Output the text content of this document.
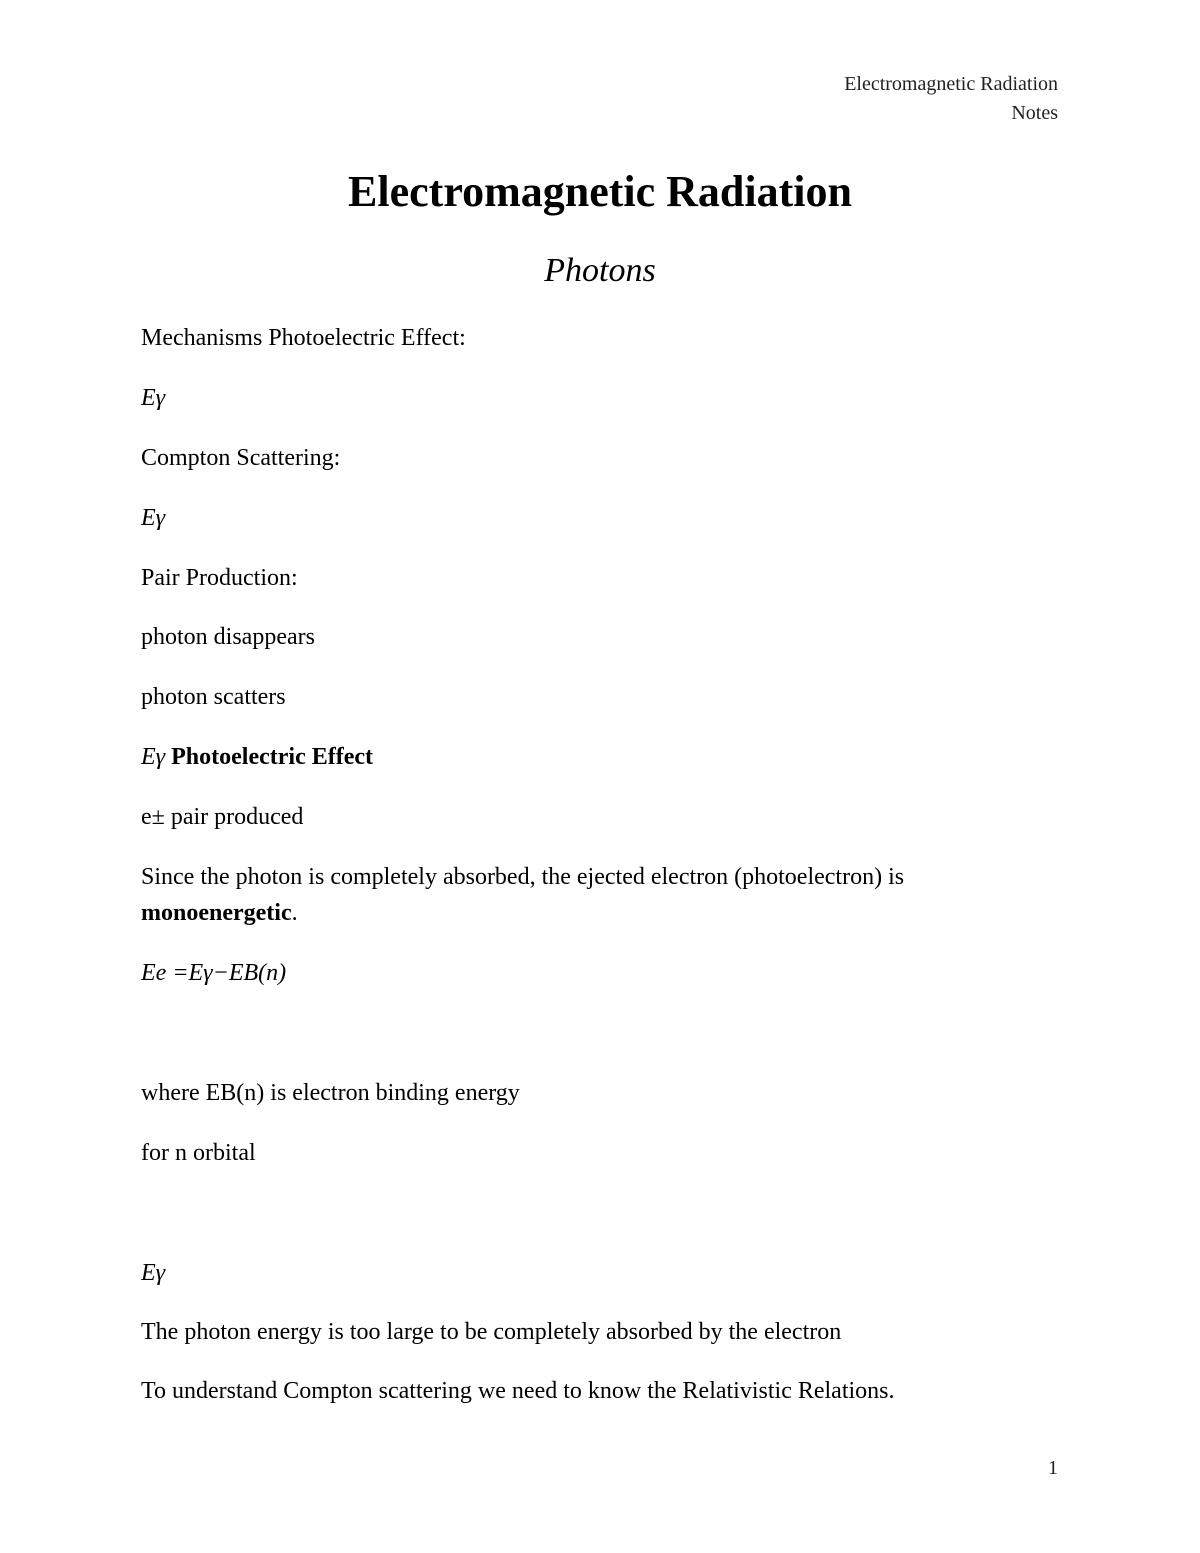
Electromagnetic Radiation
Notes
Electromagnetic Radiation
Photons
Mechanisms Photoelectric Effect:
Eγ
Compton Scattering:
Eγ
Pair Production:
photon disappears
photon scatters
Eγ Photoelectric Effect
e± pair produced
Since the photon is completely absorbed, the ejected electron (photoelectron) is
monoenergetic.
Ee =Eγ−EB(n)
where EB(n) is electron binding energy
for n orbital
Eγ
The photon energy is too large to be completely absorbed by the electron
To understand Compton scattering we need to know the Relativistic Relations.
1
